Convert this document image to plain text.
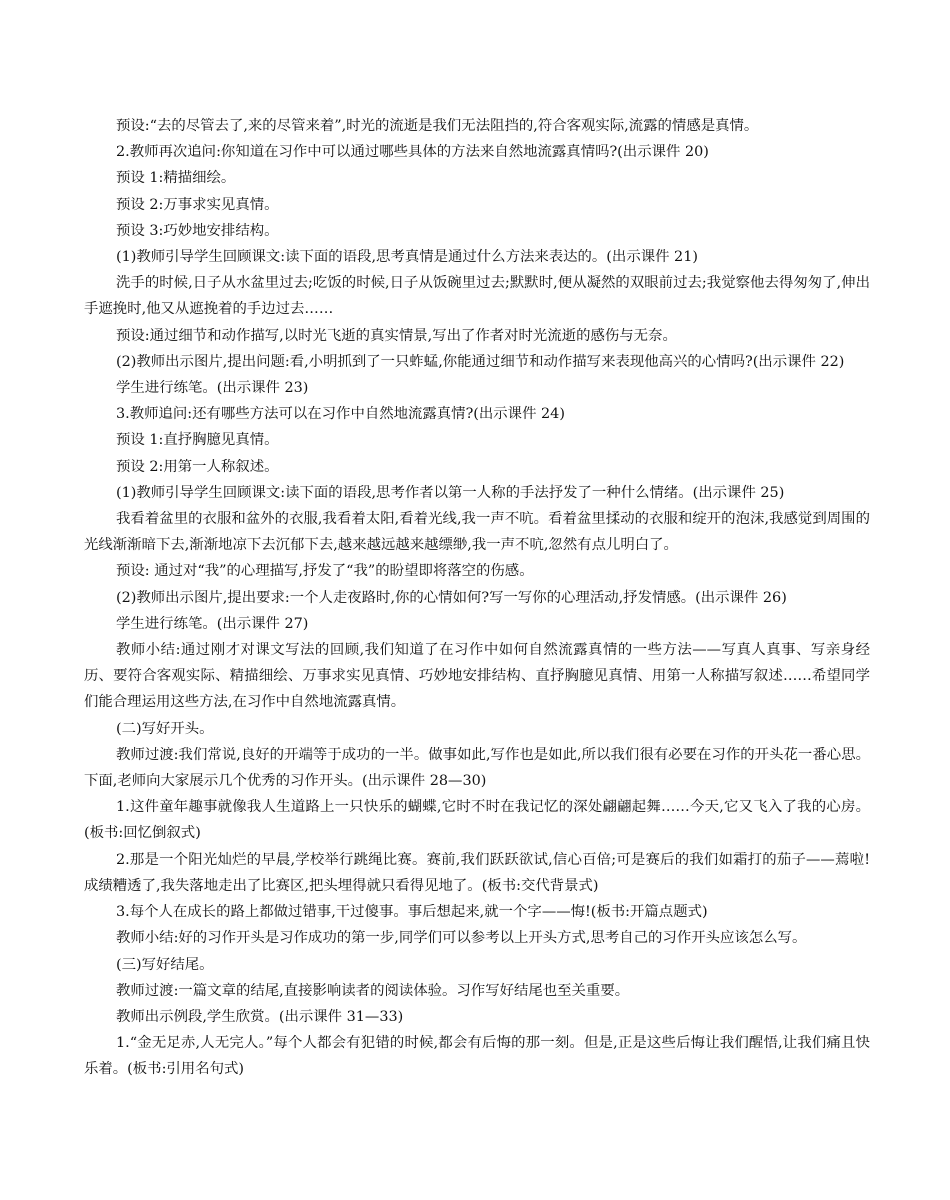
预设:“去的尽管去了,来的尽管来着”,时光的流逝是我们无法阻挡的,符合客观实际,流露的情感是真情。

2.教师再次追问:你知道在习作中可以通过哪些具体的方法来自然地流露真情吗?(出示课件 20)

预设 1:精描细绘。

预设 2:万事求实见真情。

预设 3:巧妙地安排结构。

(1)教师引导学生回顾课文:读下面的语段,思考真情是通过什么方法来表达的。(出示课件 21)

洗手的时候,日子从水盆里过去;吃饭的时候,日子从饭碗里过去;默默时,便从凝然的双眼前过去;我觉察他去得匆匆了,伸出手遮挽时,他又从遮挽着的手边过去……

预设:通过细节和动作描写,以时光飞逝的真实情景,写出了作者对时光流逝的感伤与无奈。

(2)教师出示图片,提出问题:看,小明抓到了一只蚱蜢,你能通过细节和动作描写来表现他高兴的心情吗?(出示课件 22)

学生进行练笔。(出示课件 23)

3.教师追问:还有哪些方法可以在习作中自然地流露真情?(出示课件 24)

预设 1:直抒胸臆见真情。

预设 2:用第一人称叙述。

(1)教师引导学生回顾课文:读下面的语段,思考作者以第一人称的手法抒发了一种什么情绪。(出示课件 25)

我看着盆里的衣服和盆外的衣服,我看着太阳,看着光线,我一声不吭。看着盆里揉动的衣服和绽开的泡沫,我感觉到周围的光线渐渐暗下去,渐渐地凉下去沉郁下去,越来越远越来越缥缈,我一声不吭,忽然有点儿明白了。

预设: 通过对“我”的心理描写,抒发了“我”的盼望即将落空的伤感。

(2)教师出示图片,提出要求:一个人走夜路时,你的心情如何?写一写你的心理活动,抒发情感。(出示课件 26)

学生进行练笔。(出示课件 27)

教师小结:通过刚才对课文写法的回顾,我们知道了在习作中如何自然流露真情的一些方法——写真人真事、写亲身经历、要符合客观实际、精描细绘、万事求实见真情、巧妙地安排结构、直抒胸臆见真情、用第一人称描写叙述……希望同学们能合理运用这些方法,在习作中自然地流露真情。

(二)写好开头。

教师过渡:我们常说,良好的开端等于成功的一半。做事如此,写作也是如此,所以我们很有必要在习作的开头花一番心思。下面,老师向大家展示几个优秀的习作开头。(出示课件 28—30)

1.这件童年趣事就像我人生道路上一只快乐的蝴蝶,它时不时在我记忆的深处翩翩起舞……今天,它又飞入了我的心房。(板书:回忆倒叙式)

2.那是一个阳光灿烂的早晨,学校举行跳绳比赛。赛前,我们跃跃欲试,信心百倍;可是赛后的我们如霜打的茄子——蔫啦!成绩糟透了,我失落地走出了比赛区,把头埋得就只看得见地了。(板书:交代背景式)

3.每个人在成长的路上都做过错事,干过傻事。事后想起来,就一个字——悔!(板书:开篇点题式)

教师小结:好的习作开头是习作成功的第一步,同学们可以参考以上开头方式,思考自己的习作开头应该怎么写。

(三)写好结尾。

教师过渡:一篇文章的结尾,直接影响读者的阅读体验。习作写好结尾也至关重要。

教师出示例段,学生欣赏。(出示课件 31—33)

1.“金无足赤,人无完人。”每个人都会有犯错的时候,都会有后悔的那一刻。但是,正是这些后悔让我们醒悟,让我们痛且快乐着。(板书:引用名句式)
